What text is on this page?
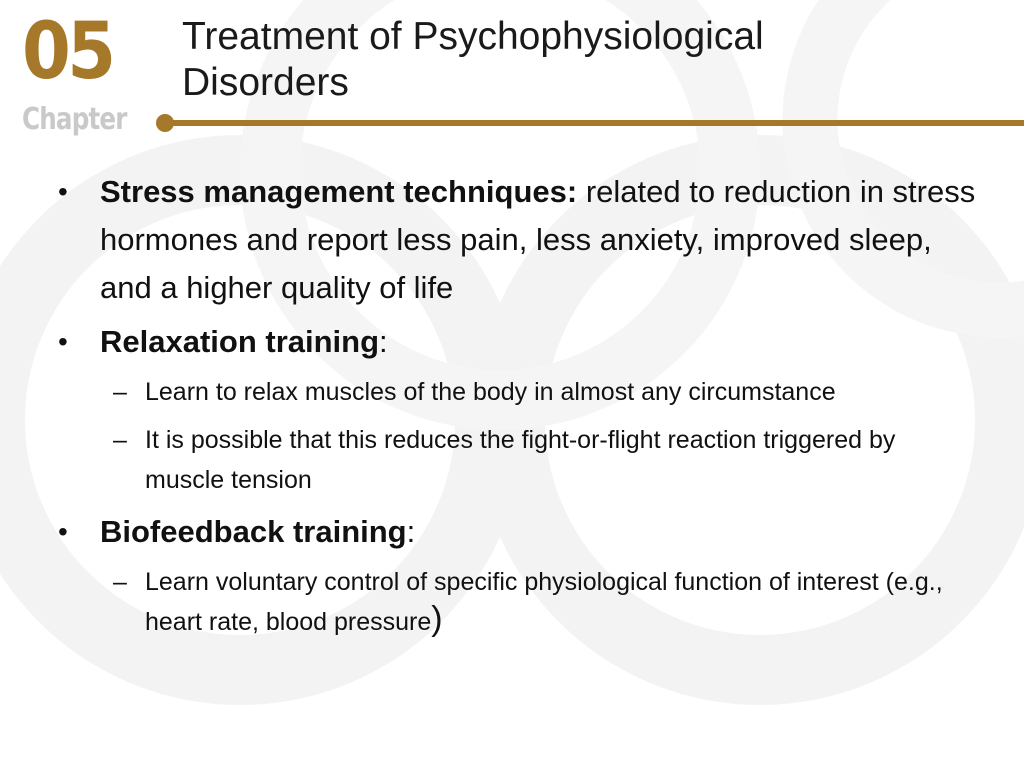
05
Chapter
Treatment of Psychophysiological
Disorders
•	Stress management techniques: related to reduction in stress hormones and report less pain, less anxiety, improved sleep, and a higher quality of life
•	Relaxation training:
– Learn to relax muscles of the body in almost any circumstance
– It is possible that this reduces the fight-or-flight reaction triggered by muscle tension
•	Biofeedback training:
– Learn voluntary control of specific physiological function of interest (e.g., heart rate, blood pressure)
